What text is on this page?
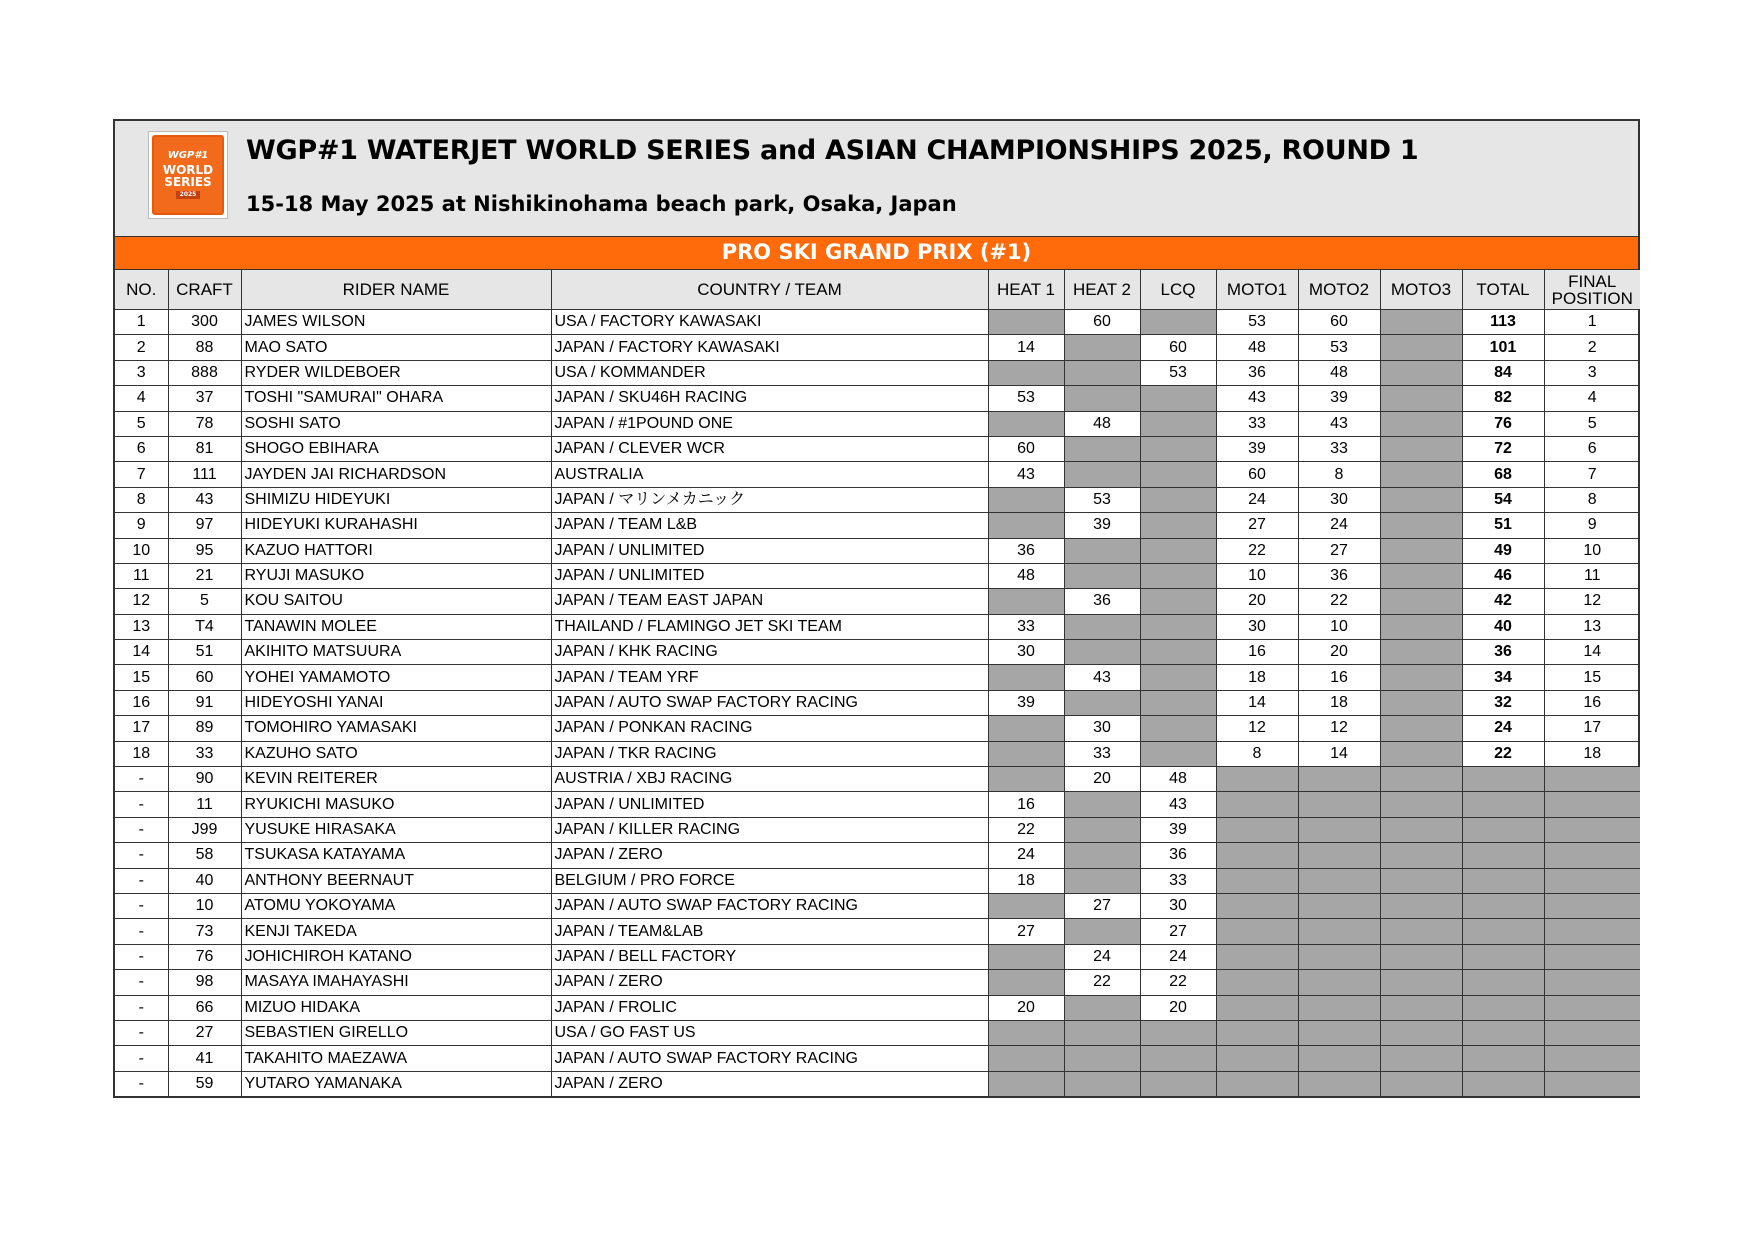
WGP#1
WORLD
SERIES
2025
WGP#1 WATERJET WORLD SERIES and ASIAN CHAMPIONSHIPS 2025, ROUND 1
15-18 May 2025 at Nishikinohama beach park, Osaka, Japan
PRO SKI GRAND PRIX (#1)
NO.	CRAFT	RIDER NAME	COUNTRY / TEAM	HEAT 1	HEAT 2	LCQ	MOTO1	MOTO2	MOTO3	TOTAL	FINAL
POSITION
1	300	JAMES WILSON	USA / FACTORY KAWASAKI		60		53	60		113	1
2	88	MAO SATO	JAPAN / FACTORY KAWASAKI	14		60	48	53		101	2
3	888	RYDER WILDEBOER	USA / KOMMANDER			53	36	48		84	3
4	37	TOSHI "SAMURAI" OHARA	JAPAN / SKU46H RACING	53			43	39		82	4
5	78	SOSHI SATO	JAPAN / #1POUND ONE		48		33	43		76	5
6	81	SHOGO EBIHARA	JAPAN / CLEVER WCR	60			39	33		72	6
7	111	JAYDEN JAI RICHARDSON	AUSTRALIA	43			60	8		68	7
8	43	SHIMIZU HIDEYUKI	JAPAN / マリンメカニック		53		24	30		54	8
9	97	HIDEYUKI KURAHASHI	JAPAN / TEAM L&B		39		27	24		51	9
10	95	KAZUO HATTORI	JAPAN / UNLIMITED	36			22	27		49	10
11	21	RYUJI MASUKO	JAPAN / UNLIMITED	48			10	36		46	11
12	5	KOU SAITOU	JAPAN / TEAM EAST JAPAN		36		20	22		42	12
13	T4	TANAWIN MOLEE	THAILAND / FLAMINGO JET SKI TEAM	33			30	10		40	13
14	51	AKIHITO MATSUURA	JAPAN / KHK RACING	30			16	20		36	14
15	60	YOHEI YAMAMOTO	JAPAN / TEAM YRF		43		18	16		34	15
16	91	HIDEYOSHI YANAI	JAPAN / AUTO SWAP FACTORY RACING	39			14	18		32	16
17	89	TOMOHIRO YAMASAKI	JAPAN / PONKAN RACING		30		12	12		24	17
18	33	KAZUHO SATO	JAPAN / TKR RACING		33		8	14		22	18
-	90	KEVIN REITERER	AUSTRIA / XBJ RACING		20	48					
-	11	RYUKICHI MASUKO	JAPAN / UNLIMITED	16		43					
-	J99	YUSUKE HIRASAKA	JAPAN / KILLER RACING	22		39					
-	58	TSUKASA KATAYAMA	JAPAN / ZERO	24		36					
-	40	ANTHONY BEERNAUT	BELGIUM / PRO FORCE	18		33					
-	10	ATOMU YOKOYAMA	JAPAN / AUTO SWAP FACTORY RACING		27	30					
-	73	KENJI TAKEDA	JAPAN / TEAM&LAB	27		27					
-	76	JOHICHIROH KATANO	JAPAN / BELL FACTORY		24	24					
-	98	MASAYA IMAHAYASHI	JAPAN / ZERO		22	22					
-	66	MIZUO HIDAKA	JAPAN / FROLIC	20		20					
-	27	SEBASTIEN GIRELLO	USA / GO FAST US								
-	41	TAKAHITO MAEZAWA	JAPAN / AUTO SWAP FACTORY RACING								
-	59	YUTARO YAMANAKA	JAPAN / ZERO								
